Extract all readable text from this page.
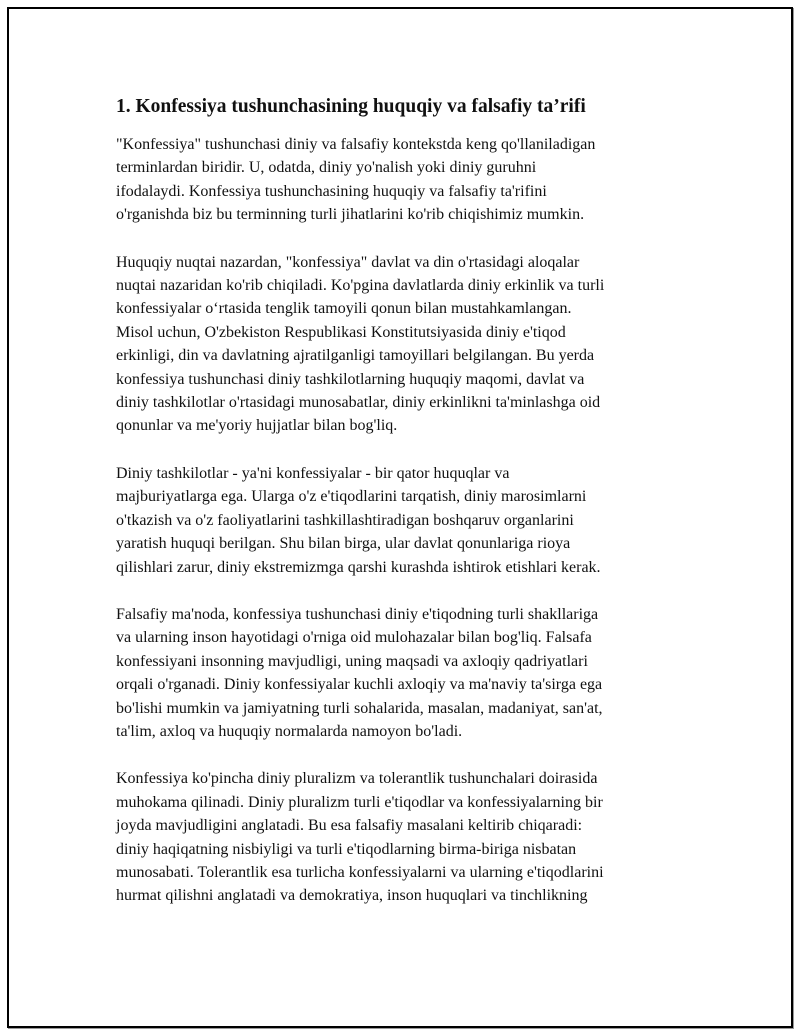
1. Konfessiya tushunchasining huquqiy va falsafiy ta’rifi

"Konfessiya" tushunchasi diniy va falsafiy kontekstda keng qo'llaniladigan
terminlardan biridir. U, odatda, diniy yo'nalish yoki diniy guruhni
ifodalaydi. Konfessiya tushunchasining huquqiy va falsafiy ta'rifini
o'rganishda biz bu terminning turli jihatlarini ko'rib chiqishimiz mumkin.

Huquqiy nuqtai nazardan, "konfessiya" davlat va din o'rtasidagi aloqalar
nuqtai nazaridan ko'rib chiqiladi. Ko'pgina davlatlarda diniy erkinlik va turli
konfessiyalar o‘rtasida tenglik tamoyili qonun bilan mustahkamlangan.
Misol uchun, O'zbekiston Respublikasi Konstitutsiyasida diniy e'tiqod
erkinligi, din va davlatning ajratilganligi tamoyillari belgilangan. Bu yerda
konfessiya tushunchasi diniy tashkilotlarning huquqiy maqomi, davlat va
diniy tashkilotlar o'rtasidagi munosabatlar, diniy erkinlikni ta'minlashga oid
qonunlar va me'yoriy hujjatlar bilan bog'liq.

Diniy tashkilotlar - ya'ni konfessiyalar - bir qator huquqlar va
majburiyatlarga ega. Ularga o'z e'tiqodlarini tarqatish, diniy marosimlarni
o'tkazish va o'z faoliyatlarini tashkillashtiradigan boshqaruv organlarini
yaratish huquqi berilgan. Shu bilan birga, ular davlat qonunlariga rioya
qilishlari zarur, diniy ekstremizmga qarshi kurashda ishtirok etishlari kerak.

Falsafiy ma'noda, konfessiya tushunchasi diniy e'tiqodning turli shakllariga
va ularning inson hayotidagi o'rniga oid mulohazalar bilan bog'liq. Falsafa
konfessiyani insonning mavjudligi, uning maqsadi va axloqiy qadriyatlari
orqali o'rganadi. Diniy konfessiyalar kuchli axloqiy va ma'naviy ta'sirga ega
bo'lishi mumkin va jamiyatning turli sohalarida, masalan, madaniyat, san'at,
ta'lim, axloq va huquqiy normalarda namoyon bo'ladi.

Konfessiya ko'pincha diniy pluralizm va tolerantlik tushunchalari doirasida
muhokama qilinadi. Diniy pluralizm turli e'tiqodlar va konfessiyalarning bir
joyda mavjudligini anglatadi. Bu esa falsafiy masalani keltirib chiqaradi:
diniy haqiqatning nisbiyligi va turli e'tiqodlarning birma-biriga nisbatan
munosabati. Tolerantlik esa turlicha konfessiyalarni va ularning e'tiqodlarini
hurmat qilishni anglatadi va demokratiya, inson huquqlari va tinchlikning
